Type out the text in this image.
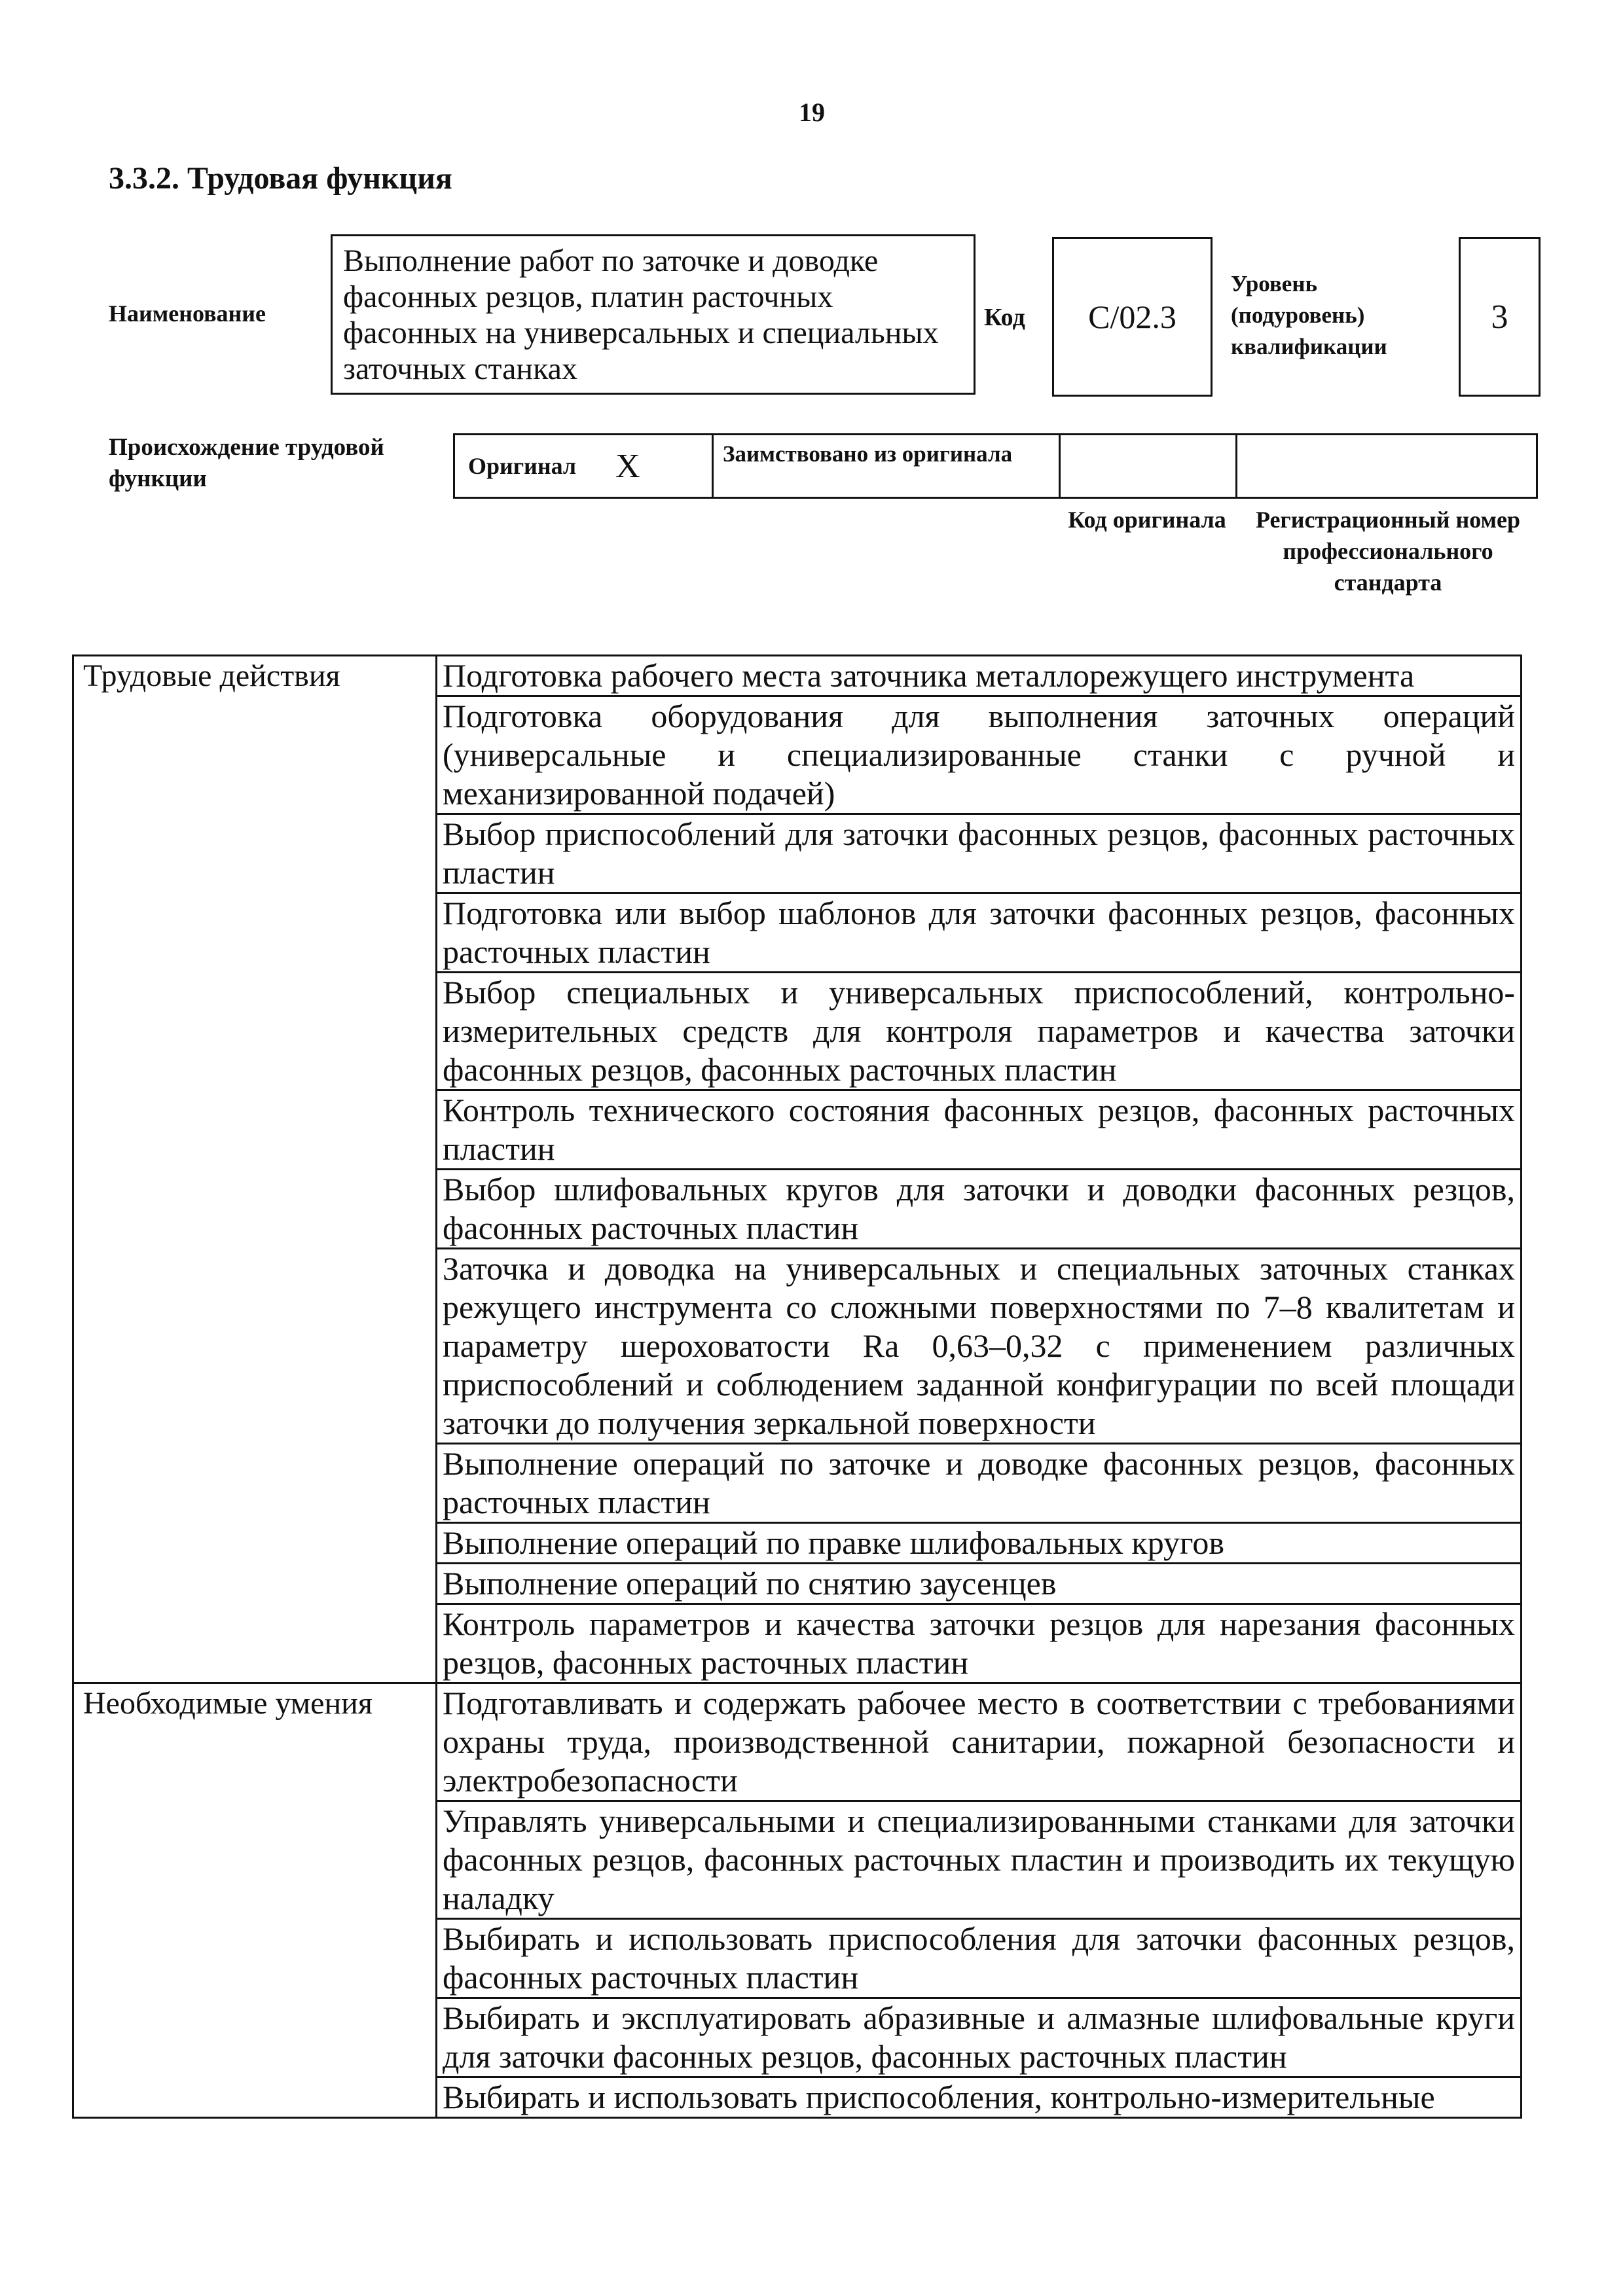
19
3.3.2. Трудовая функция
Наименование
Выполнение работ по заточке и доводке фасонных резцов, платин расточных фасонных на универсальных и специальных заточных станках
Код C/02.3
Уровень (подуровень) квалификации
3
Происхождение трудовой функции	Оригинал X	Заимствовано из оригинала
Код оригинала	Регистрационный номер профессионального стандарта
Трудовые действия	Подготовка рабочего места заточника металлорежущего инструмента
	Подготовка оборудования для выполнения заточных операций (универсальные и специализированные станки с ручной и механизированной подачей)
	Выбор приспособлений для заточки фасонных резцов, фасонных расточных пластин
	Подготовка или выбор шаблонов для заточки фасонных резцов, фасонных расточных пластин
	Выбор специальных и универсальных приспособлений, контрольно-измерительных средств для контроля параметров и качества заточки фасонных резцов, фасонных расточных пластин
	Контроль технического состояния фасонных резцов, фасонных расточных пластин
	Выбор шлифовальных кругов для заточки и доводки фасонных резцов, фасонных расточных пластин
	Заточка и доводка на универсальных и специальных заточных станках режущего инструмента со сложными поверхностями по 7–8 квалитетам и параметру шероховатости Ra 0,63–0,32 с применением различных приспособлений и соблюдением заданной конфигурации по всей площади заточки до получения зеркальной поверхности
	Выполнение операций по заточке и доводке фасонных резцов, фасонных расточных пластин
	Выполнение операций по правке шлифовальных кругов
	Выполнение операций по снятию заусенцев
	Контроль параметров и качества заточки резцов для нарезания фасонных резцов, фасонных расточных пластин
Необходимые умения	Подготавливать и содержать рабочее место в соответствии с требованиями охраны труда, производственной санитарии, пожарной безопасности и электробезопасности
	Управлять универсальными и специализированными станками для заточки фасонных резцов, фасонных расточных пластин и производить их текущую наладку
	Выбирать и использовать приспособления для заточки фасонных резцов, фасонных расточных пластин
	Выбирать и эксплуатировать абразивные и алмазные шлифовальные круги для заточки фасонных резцов, фасонных расточных пластин
	Выбирать и использовать приспособления, контрольно-измерительные
